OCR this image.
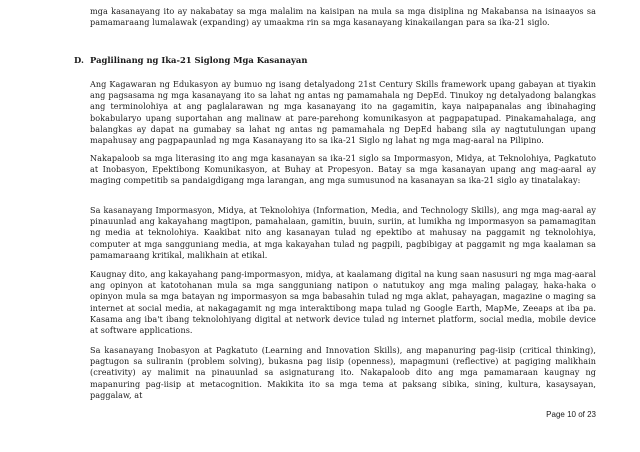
mga kasanayang ito ay nakabatay sa mga malalim na kaisipan na mula sa mga disiplina ng Makabansa na isinaayos sa pamamaraang lumalawak (expanding) ay umaakma rin sa mga kasanayang kinakailangan para sa ika-21 siglo.

D. Paglilinang ng Ika-21 Siglong Mga Kasanayan

Ang Kagawaran ng Edukasyon ay bumuo ng isang detalyadong 21st Century Skills framework upang gabayan at tiyakin ang pagsasama ng mga kasanayang ito sa lahat ng antas ng pamamahala ng DepEd. Tinukoy ng detalyadong balangkas ang terminolohiya at ang paglalarawan ng mga kasanayang ito na gagamitin, kaya naipapanalas ang ibinahaging bokabularyo upang suportahan ang malinaw at pare-parehong komunikasyon at pagpapatupad. Pinakamahalaga, ang balangkas ay dapat na gumabay sa lahat ng antas ng pamamahala ng DepEd habang sila ay nagtutulungan upang mapahusay ang pagpapaunlad ng mga Kasanayang ito sa ika-21 Siglo ng lahat ng mga mag-aaral na Pilipino.

Nakapaloob sa mga literasing ito ang mga kasanayan sa ika-21 siglo sa Impormasyon, Midya, at Teknolohiya, Pagkatuto at Inobasyon, Epektibong Komunikasyon, at Buhay at Propesyon. Batay sa mga kasanayan upang ang mag-aaral ay maging competitib sa pandaigdigang mga larangan, ang mga sumusunod na kasanayan sa ika-21 siglo ay tinatalakay:

Sa kasanayang Impormasyon, Midya, at Teknolohiya (Information, Media, and Technology Skills), ang mga mag-aaral ay pinauunlad ang kakayahang magtipon, pamahalaan, gamitin, buuin, suriin, at lumikha ng impormasyon sa pamamagitan ng media at teknolohiya. Kaakibat nito ang kasanayan tulad ng epektibo at mahusay na paggamit ng teknolohiya, computer at mga sangguniang media, at mga kakayahan tulad ng pagpili, pagbibigay at paggamit ng mga kaalaman sa pamamaraang kritikal, malikhain at etikal.

Kaugnay dito, ang kakayahang pang-impormasyon, midya, at kaalamang digital na kung saan nasusuri ng mga mag-aaral ang opinyon at katotohanan mula sa mga sangguniang natipon o natutukoy ang mga maling palagay, haka-haka o opinyon mula sa mga batayan ng impormasyon sa mga babasahin tulad ng mga aklat, pahayagan, magazine o maging sa internet at social media, at nakagagamit ng mga interaktibong mapa tulad ng Google Earth, MapMe, Zeeaps at iba pa. Kasama ang iba't ibang teknolohiyang digital at network device tulad ng internet platform, social media, mobile device at software applications.

Sa kasanayang Inobasyon at Pagkatuto (Learning and Innovation Skills), ang mapanuring pag-iisip (critical thinking), pagtugon sa suliranin (problem solving), bukasna pag iisip (openness), mapagmuni (reflective) at pagiging malikhain (creativity) ay malimit na pinauunlad sa asignaturang ito. Nakapaloob dito ang mga pamamaraan kaugnay ng mapanuring pag-iisip at metacognition. Makikita ito sa mga tema at paksang sibika, sining, kultura, kasaysayan, paggalaw, at

Page 10 of 23
